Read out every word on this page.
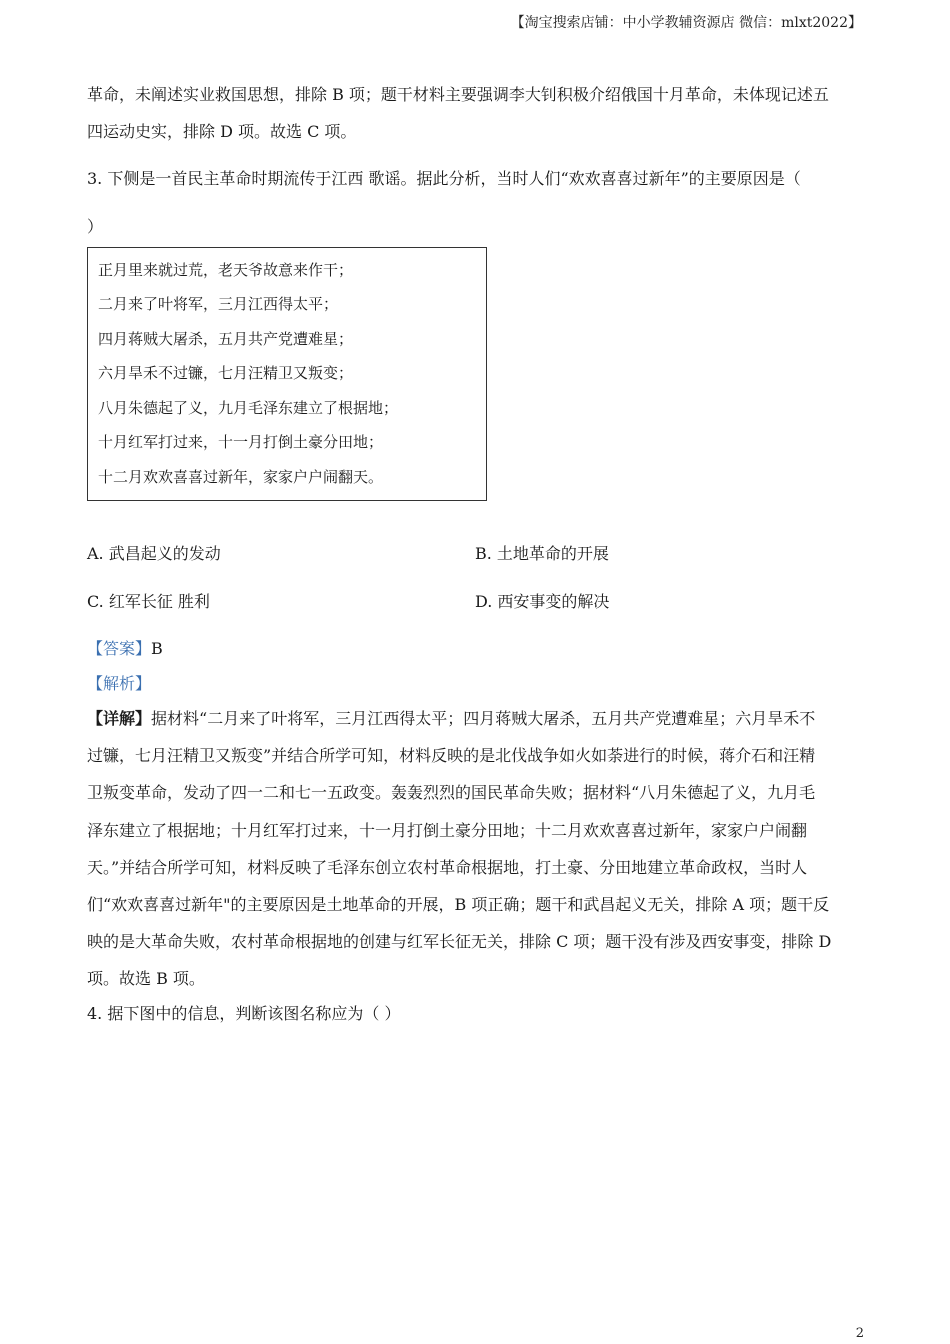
【淘宝搜索店铺：中小学教辅资源店 微信：mlxt2022】
革命，未阐述实业救国思想，排除 B 项；题干材料主要强调李大钊积极介绍俄国十月革命，未体现记述五
四运动史实，排除 D 项。故选 C 项。
3. 下侧是一首民主革命时期流传于江西 歌谣。据此分析，当时人们“欢欢喜喜过新年”的主要原因是（
）
正月里来就过荒，老天爷故意来作干；
二月来了叶将军，三月江西得太平；
四月蒋贼大屠杀，五月共产党遭难星；
六月旱禾不过镰，七月汪精卫又叛变；
八月朱德起了义，九月毛泽东建立了根据地；
十月红军打过来，十一月打倒土豪分田地；
十二月欢欢喜喜过新年，家家户户闹翻天。
A. 武昌起义的发动	B. 土地革命的开展
C. 红军长征 胜利	D. 西安事变的解决
【答案】B
【解析】
【详解】据材料“二月来了叶将军，三月江西得太平；四月蒋贼大屠杀，五月共产党遭难星；六月旱禾不
过镰，七月汪精卫又叛变”并结合所学可知，材料反映的是北伐战争如火如荼进行的时候，蒋介石和汪精
卫叛变革命，发动了四一二和七一五政变。轰轰烈烈的国民革命失败；据材料“八月朱德起了义，九月毛
泽东建立了根据地；十月红军打过来，十一月打倒土豪分田地；十二月欢欢喜喜过新年，家家户户闹翻
天。”并结合所学可知，材料反映了毛泽东创立农村革命根据地，打土豪、分田地建立革命政权，当时人
们“欢欢喜喜过新年"的主要原因是土地革命的开展，B 项正确；题干和武昌起义无关，排除 A 项；题干反
映的是大革命失败，农村革命根据地的创建与红军长征无关，排除 C 项；题干没有涉及西安事变，排除 D
项。故选 B 项。
4. 据下图中的信息，判断该图名称应为（ ）
2
